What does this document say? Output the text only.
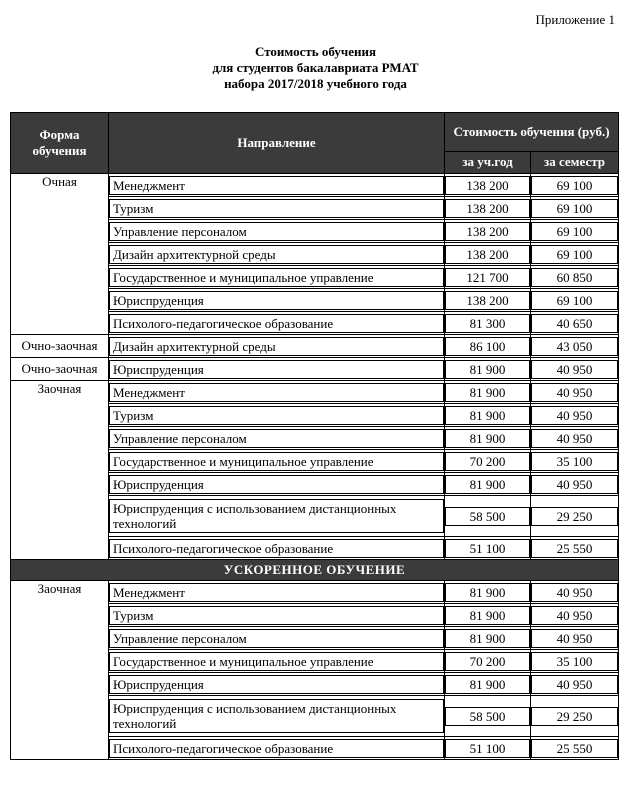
Приложение 1
Стоимость обучения
для студентов бакалавриата РМАТ
набора 2017/2018 учебного года
Форма обучения	Направление	Стоимость обучения (руб.)	
		за уч.год	за семестр
Очная	Менеджмент	138 200	69 100

	Туризм	138 200	69 100

	Управление персоналом	138 200	69 100

	Дизайн архитектурной среды	138 200	69 100

	Государственное и муниципальное управление	121 700	60 850

	Юриспруденция	138 200	69 100

	Психолого-педагогическое образование	81 300	40 650

Очно-заочная	Дизайн архитектурной среды	86 100	43 050

Очно-заочная	Юриспруденция	81 900	40 950

Заочная	Менеджмент	81 900	40 950

	Туризм	81 900	40 950

	Управление персоналом	81 900	40 950

	Государственное и муниципальное управление	70 200	35 100

	Юриспруденция	81 900	40 950

	Юриспруденция с использованием дистанционных технологий	58 500	29 250

	Психолого-педагогическое образование	51 100	25 550

УСКОРЕННОЕ ОБУЧЕНИЕ			
Заочная	Менеджмент	81 900	40 950

	Туризм	81 900	40 950

	Управление персоналом	81 900	40 950

	Государственное и муниципальное управление	70 200	35 100

	Юриспруденция	81 900	40 950

	Юриспруденция с использованием дистанционных технологий	58 500	29 250

	Психолого-педагогическое образование	51 100	25 550
